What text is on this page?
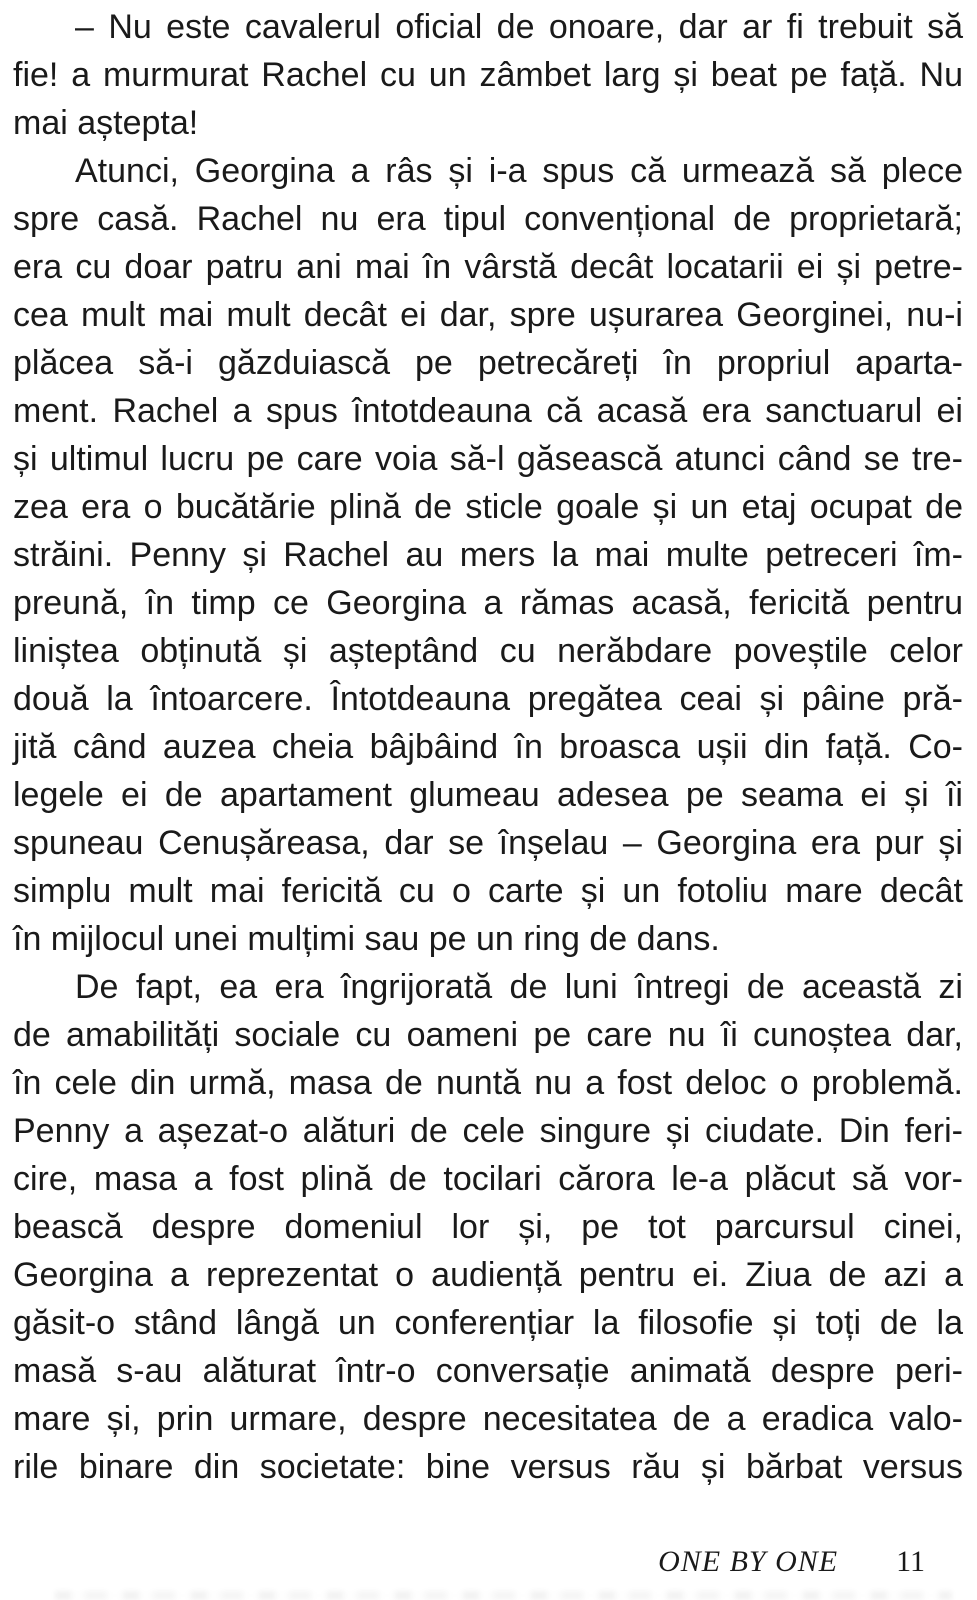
– Nu este cavalerul oficial de onoare, dar ar fi trebuit să
fie! a murmurat Rachel cu un zâmbet larg și beat pe față. Nu
mai aștepta!
Atunci, Georgina a râs și i-a spus că urmează să plece
spre casă. Rachel nu era tipul convențional de proprietară;
era cu doar patru ani mai în vârstă decât locatarii ei și petre-
cea mult mai mult decât ei dar, spre ușurarea Georginei, nu-i
plăcea să-i găzduiască pe petrecăreți în propriul aparta-
ment. Rachel a spus întotdeauna că acasă era sanctuarul ei
și ultimul lucru pe care voia să-l găsească atunci când se tre-
zea era o bucătărie plină de sticle goale și un etaj ocupat de
străini. Penny și Rachel au mers la mai multe petreceri îm-
preună, în timp ce Georgina a rămas acasă, fericită pentru
liniștea obținută și așteptând cu nerăbdare poveștile celor
două la întoarcere. Întotdeauna pregătea ceai și pâine pră-
jită când auzea cheia bâjbâind în broasca ușii din față. Co-
legele ei de apartament glumeau adesea pe seama ei și îi
spuneau Cenușăreasa, dar se înșelau – Georgina era pur și
simplu mult mai fericită cu o carte și un fotoliu mare decât
în mijlocul unei mulțimi sau pe un ring de dans.
De fapt, ea era îngrijorată de luni întregi de această zi
de amabilități sociale cu oameni pe care nu îi cunoștea dar,
în cele din urmă, masa de nuntă nu a fost deloc o problemă.
Penny a așezat-o alături de cele singure și ciudate. Din feri-
cire, masa a fost plină de tocilari cărora le-a plăcut să vor-
bească despre domeniul lor și, pe tot parcursul cinei,
Georgina a reprezentat o audiență pentru ei. Ziua de azi a
găsit-o stând lângă un conferențiar la filosofie și toți de la
masă s-au alăturat într-o conversație animată despre peri-
mare și, prin urmare, despre necesitatea de a eradica valo-
rile binare din societate: bine versus rău și bărbat versus
ONE BY ONE 11
